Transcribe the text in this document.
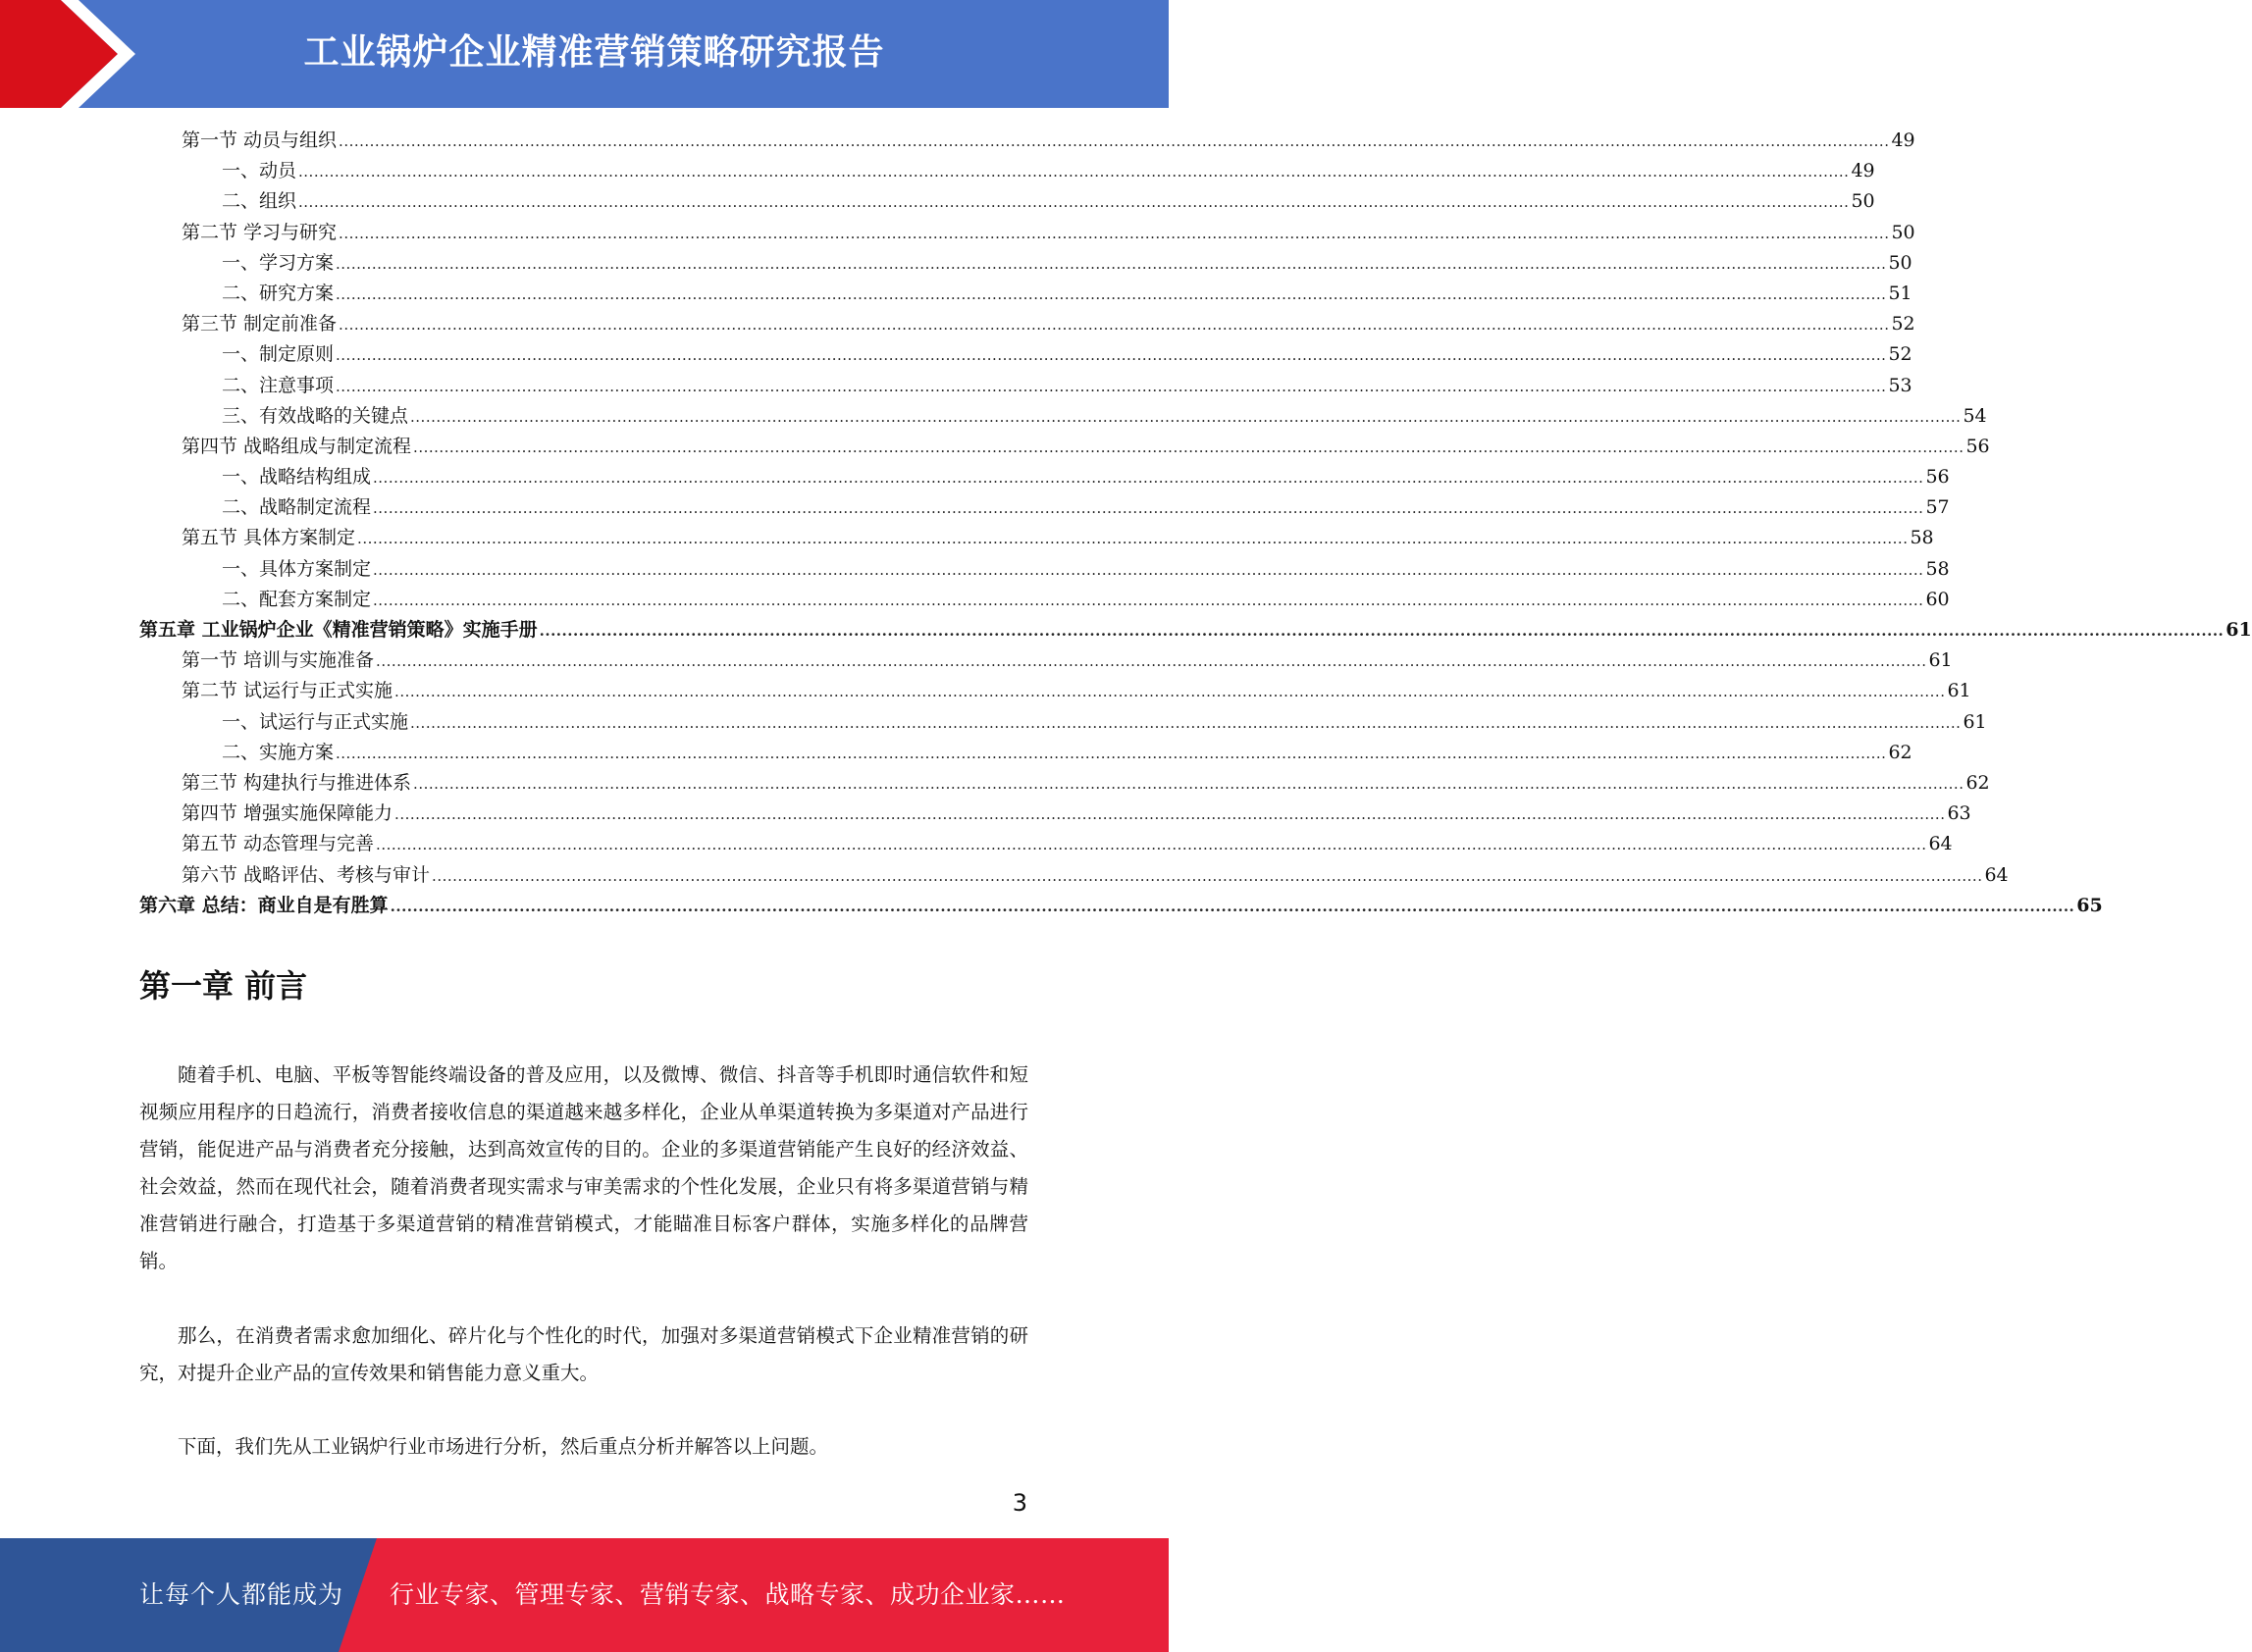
工业锅炉企业精准营销策略研究报告
第一节 动员与组织 ............................................................................................................................................................................................................................................................................................................ 49
一、动员 ............................................................................................................................................................................................................................................................................................................ 49
二、组织 ............................................................................................................................................................................................................................................................................................................ 50
第二节 学习与研究 ............................................................................................................................................................................................................................................................................................................ 50
一、学习方案 ............................................................................................................................................................................................................................................................................................................ 50
二、研究方案 ............................................................................................................................................................................................................................................................................................................ 51
第三节 制定前准备 ............................................................................................................................................................................................................................................................................................................ 52
一、制定原则 ............................................................................................................................................................................................................................................................................................................ 52
二、注意事项 ............................................................................................................................................................................................................................................................................................................ 53
三、有效战略的关键点 ............................................................................................................................................................................................................................................................................................................ 54
第四节 战略组成与制定流程 ............................................................................................................................................................................................................................................................................................................ 56
一、战略结构组成 ............................................................................................................................................................................................................................................................................................................ 56
二、战略制定流程 ............................................................................................................................................................................................................................................................................................................ 57
第五节 具体方案制定 ............................................................................................................................................................................................................................................................................................................ 58
一、具体方案制定 ............................................................................................................................................................................................................................................................................................................ 58
二、配套方案制定 ............................................................................................................................................................................................................................................................................................................ 60
第五章 工业锅炉企业《精准营销策略》实施手册 ............................................................................................................................................................................................................................................................................................................ 61
第一节 培训与实施准备 ............................................................................................................................................................................................................................................................................................................ 61
第二节 试运行与正式实施 ............................................................................................................................................................................................................................................................................................................ 61
一、试运行与正式实施 ............................................................................................................................................................................................................................................................................................................ 61
二、实施方案 ............................................................................................................................................................................................................................................................................................................ 62
第三节 构建执行与推进体系 ............................................................................................................................................................................................................................................................................................................ 62
第四节 增强实施保障能力 ............................................................................................................................................................................................................................................................................................................ 63
第五节 动态管理与完善 ............................................................................................................................................................................................................................................................................................................ 64
第六节 战略评估、考核与审计 ............................................................................................................................................................................................................................................................................................................ 64
第六章 总结：商业自是有胜算 ............................................................................................................................................................................................................................................................................................................ 65
第一章 前言

随着手机、电脑、平板等智能终端设备的普及应用，以及微博、微信、抖音等手机即时通信软件和短视频应用程序的日趋流行，消费者接收信息的渠道越来越多样化，企业从单渠道转换为多渠道对产品进行营销，能促进产品与消费者充分接触，达到高效宣传的目的。企业的多渠道营销能产生良好的经济效益、社会效益，然而在现代社会，随着消费者现实需求与审美需求的个性化发展，企业只有将多渠道营销与精准营销进行融合，打造基于多渠道营销的精准营销模式，才能瞄准目标客户群体，实施多样化的品牌营销。

那么，在消费者需求愈加细化、碎片化与个性化的时代，加强对多渠道营销模式下企业精准营销的研究，对提升企业产品的宣传效果和销售能力意义重大。

下面，我们先从工业锅炉行业市场进行分析，然后重点分析并解答以上问题。

3
让每个人都能成为 行业专家、管理专家、营销专家、战略专家、成功企业家……
